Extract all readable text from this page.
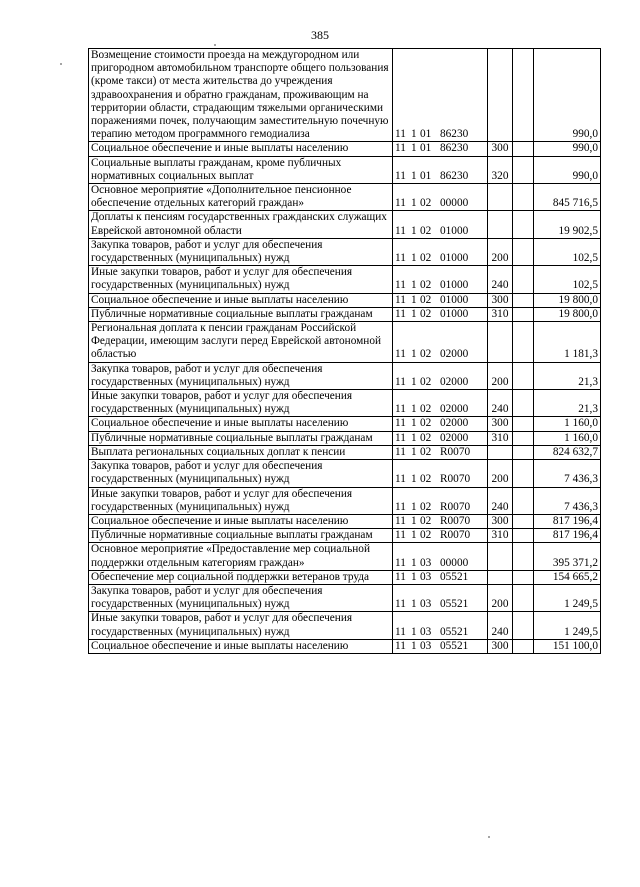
385
Возмещение стоимости проезда на междугородном или пригородном автомобильном транспорте общего пользования (кроме такси) от места жительства до учреждения здравоохранения и обратно гражданам, проживающим на территории области, страдающим тяжелыми органическими поражениями почек, получающим заместительную почечную терапию методом программного гемодиализа	11 1 01 86230			990,0
Социальное обеспечение и иные выплаты населению	11 1 01 86230	300		990,0
Социальные выплаты гражданам, кроме публичных нормативных социальных выплат	11 1 01 86230	320		990,0
Основное мероприятие «Дополнительное пенсионное обеспечение отдельных категорий граждан»	11 1 02 00000			845 716,5
Доплаты к пенсиям государственных гражданских служащих Еврейской автономной области	11 1 02 01000			19 902,5
Закупка товаров, работ и услуг для обеспечения государственных (муниципальных) нужд	11 1 02 01000	200		102,5
Иные закупки товаров, работ и услуг для обеспечения государственных (муниципальных) нужд	11 1 02 01000	240		102,5
Социальное обеспечение и иные выплаты населению	11 1 02 01000	300		19 800,0
Публичные нормативные социальные выплаты гражданам	11 1 02 01000	310		19 800,0
Региональная доплата к пенсии гражданам Российской Федерации, имеющим заслуги перед Еврейской автономной областью	11 1 02 02000			1 181,3
Закупка товаров, работ и услуг для обеспечения государственных (муниципальных) нужд	11 1 02 02000	200		21,3
Иные закупки товаров, работ и услуг для обеспечения государственных (муниципальных) нужд	11 1 02 02000	240		21,3
Социальное обеспечение и иные выплаты населению	11 1 02 02000	300		1 160,0
Публичные нормативные социальные выплаты гражданам	11 1 02 02000	310		1 160,0
Выплата региональных социальных доплат к пенсии	11 1 02 R0070			824 632,7
Закупка товаров, работ и услуг для обеспечения государственных (муниципальных) нужд	11 1 02 R0070	200		7 436,3
Иные закупки товаров, работ и услуг для обеспечения государственных (муниципальных) нужд	11 1 02 R0070	240		7 436,3
Социальное обеспечение и иные выплаты населению	11 1 02 R0070	300		817 196,4
Публичные нормативные социальные выплаты гражданам	11 1 02 R0070	310		817 196,4
Основное мероприятие «Предоставление мер социальной поддержки отдельным категориям граждан»	11 1 03 00000			395 371,2
Обеспечение мер социальной поддержки ветеранов труда	11 1 03 05521			154 665,2
Закупка товаров, работ и услуг для обеспечения государственных (муниципальных) нужд	11 1 03 05521	200		1 249,5
Иные закупки товаров, работ и услуг для обеспечения государственных (муниципальных) нужд	11 1 03 05521	240		1 249,5
Социальное обеспечение и иные выплаты населению	11 1 03 05521	300		151 100,0
